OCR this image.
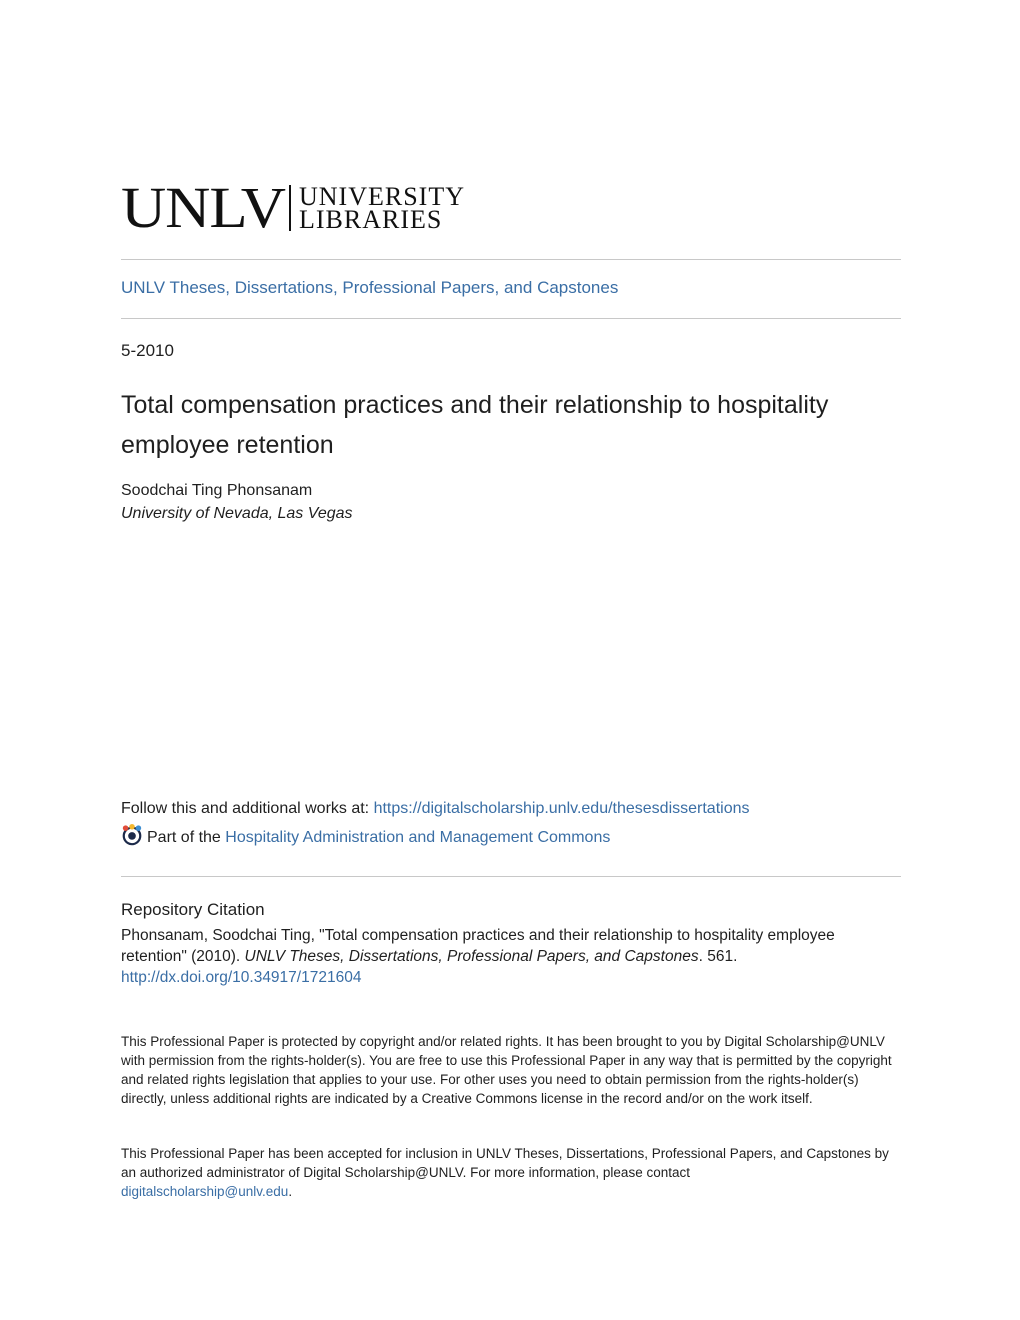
UNLV UNIVERSITY
LIBRARIES
UNLV Theses, Dissertations, Professional Papers, and Capstones
5-2010
Total compensation practices and their relationship to hospitality employee retention
Soodchai Ting Phonsanam
University of Nevada, Las Vegas
Follow this and additional works at: https://digitalscholarship.unlv.edu/thesesdissertations
Part of the
Hospitality Administration and Management Commons
Repository Citation
Phonsanam, Soodchai Ting, "Total compensation practices and their relationship to hospitality employee retention" (2010). UNLV Theses, Dissertations, Professional Papers, and Capstones. 561.
http://dx.doi.org/10.34917/1721604
This Professional Paper is protected by copyright and/or related rights. It has been brought to you by Digital Scholarship@UNLV with permission from the rights-holder(s). You are free to use this Professional Paper in any way that is permitted by the copyright and related rights legislation that applies to your use. For other uses you need to obtain permission from the rights-holder(s) directly, unless additional rights are indicated by a Creative Commons license in the record and/or on the work itself.
This Professional Paper has been accepted for inclusion in UNLV Theses, Dissertations, Professional Papers, and Capstones by an authorized administrator of Digital Scholarship@UNLV. For more information, please contact
digitalscholarship@unlv.edu.
